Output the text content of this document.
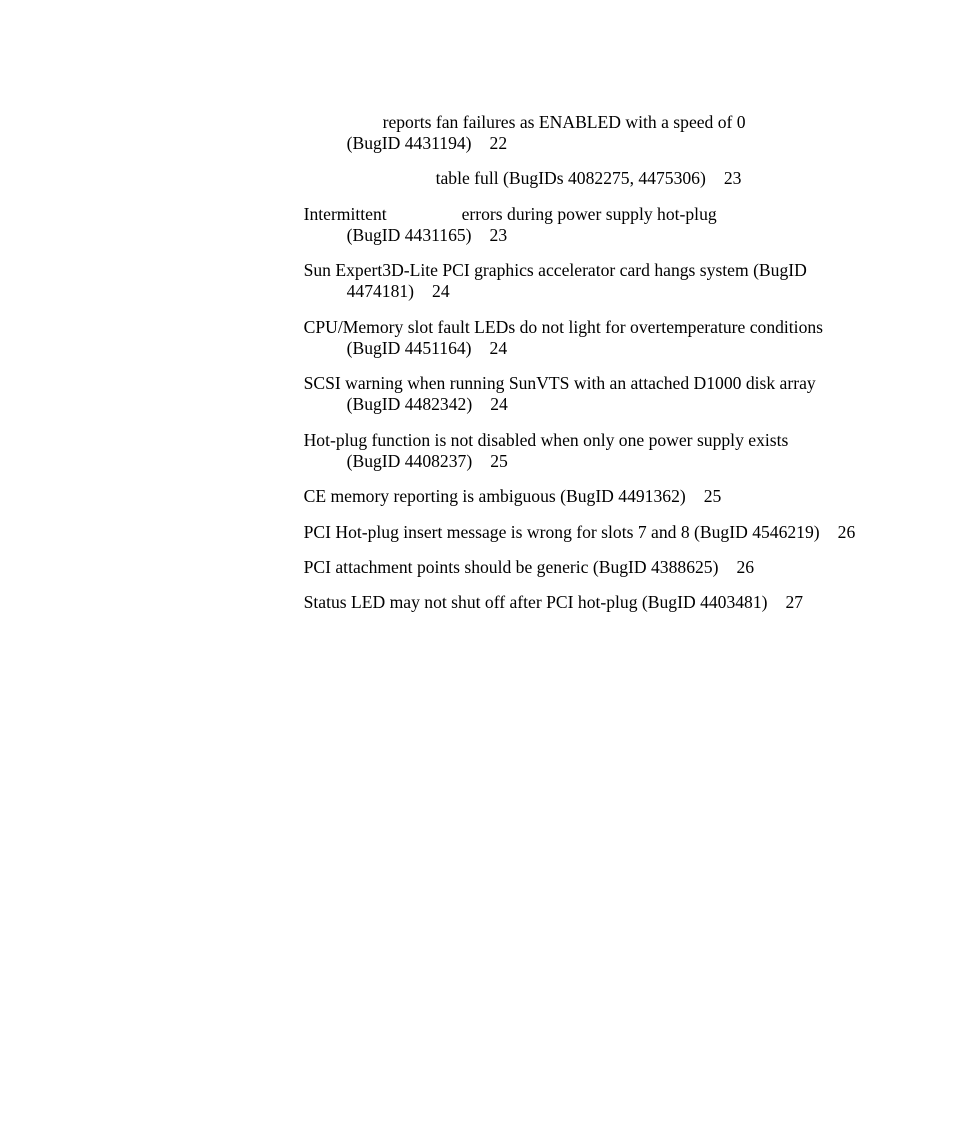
reports fan failures as ENABLED with a speed of 0

(BugID 4431194) 22

table full (BugIDs 4082275, 4475306) 23

Intermittent
	errors during power supply hot-plug

(BugID 4431165) 23

Sun Expert3D-Lite PCI graphics accelerator card hangs system (BugID

4474181) 24

CPU/Memory slot fault LEDs do not light for overtemperature conditions

(BugID 4451164) 24

SCSI warning when running SunVTS with an attached D1000 disk array

(BugID 4482342) 24

Hot-plug function is not disabled when only one power supply exists

(BugID 4408237) 25

CE memory reporting is ambiguous (BugID 4491362) 25

PCI Hot-plug insert message is wrong for slots 7 and 8 (BugID 4546219) 26

PCI attachment points should be generic (BugID 4388625) 26

Status LED may not shut off after PCI hot-plug (BugID 4403481) 27
